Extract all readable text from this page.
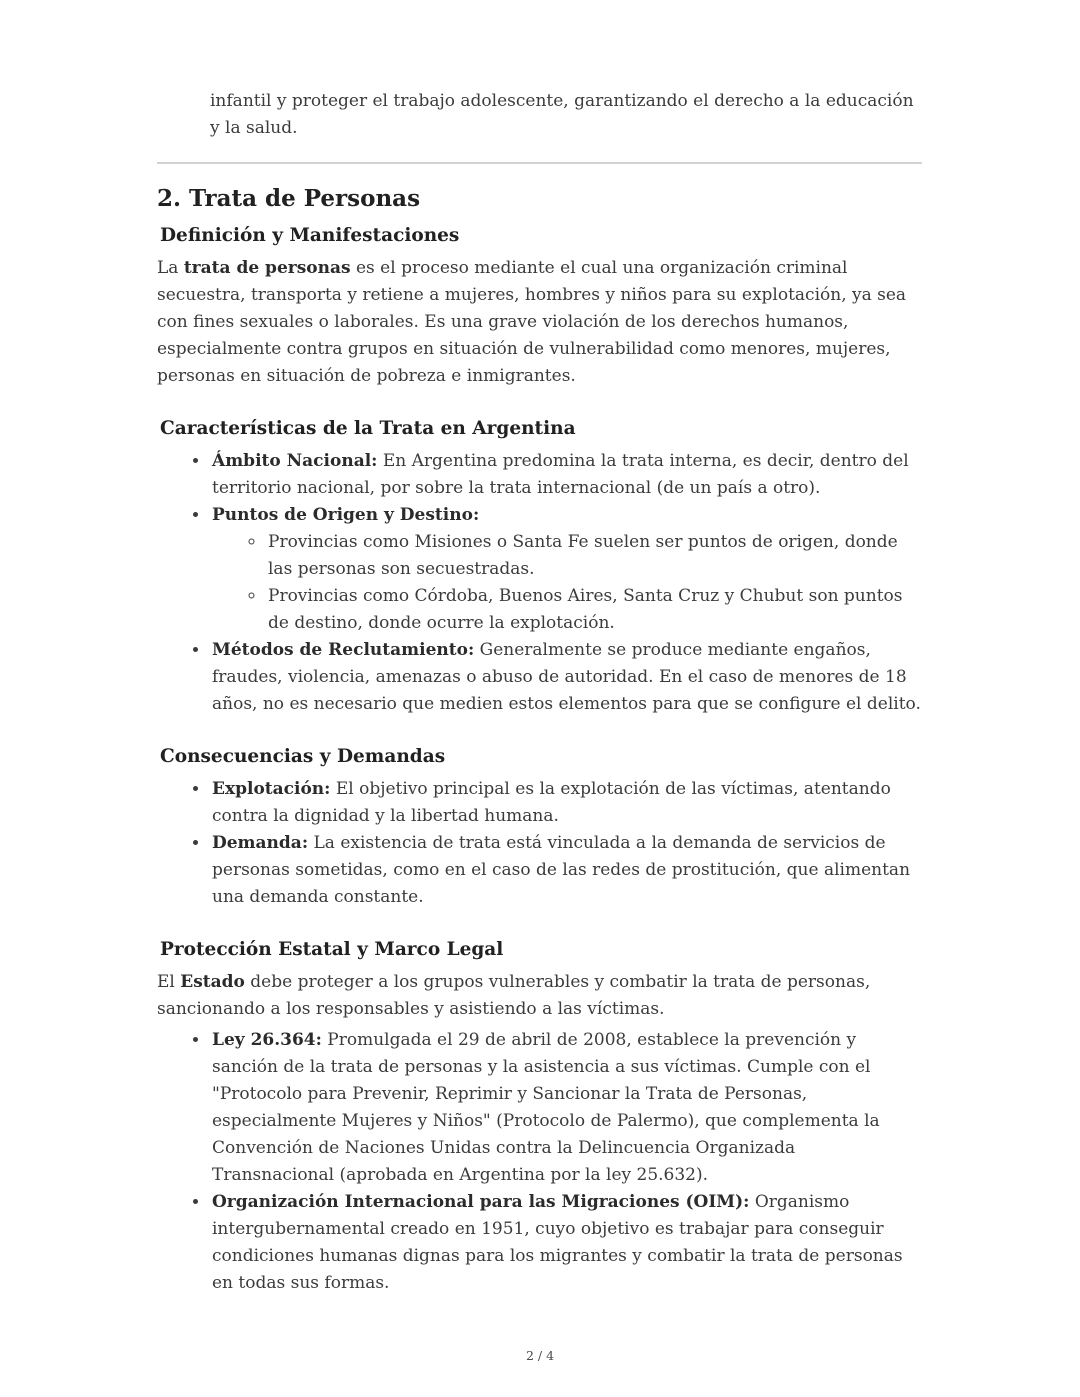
infantil y proteger el trabajo adolescente, garantizando el derecho a la educación y la salud.

2. Trata de Personas
Definición y Manifestaciones

La trata de personas es el proceso mediante el cual una organización criminal secuestra, transporta y retiene a mujeres, hombres y niños para su explotación, ya sea con fines sexuales o laborales. Es una grave violación de los derechos humanos, especialmente contra grupos en situación de vulnerabilidad como menores, mujeres, personas en situación de pobreza e inmigrantes.

Características de la Trata en Argentina
• Ámbito Nacional: En Argentina predomina la trata interna, es decir, dentro del territorio nacional, por sobre la trata internacional (de un país a otro).
• Puntos de Origen y Destino:
◦ Provincias como Misiones o Santa Fe suelen ser puntos de origen, donde las personas son secuestradas.
◦ Provincias como Córdoba, Buenos Aires, Santa Cruz y Chubut son puntos de destino, donde ocurre la explotación.
• Métodos de Reclutamiento: Generalmente se produce mediante engaños, fraudes, violencia, amenazas o abuso de autoridad. En el caso de menores de 18 años, no es necesario que medien estos elementos para que se configure el delito.
Consecuencias y Demandas
• Explotación: El objetivo principal es la explotación de las víctimas, atentando contra la dignidad y la libertad humana.
• Demanda: La existencia de trata está vinculada a la demanda de servicios de personas sometidas, como en el caso de las redes de prostitución, que alimentan una demanda constante.
Protección Estatal y Marco Legal

El Estado debe proteger a los grupos vulnerables y combatir la trata de personas, sancionando a los responsables y asistiendo a las víctimas.

• Ley 26.364: Promulgada el 29 de abril de 2008, establece la prevención y sanción de la trata de personas y la asistencia a sus víctimas. Cumple con el "Protocolo para Prevenir, Reprimir y Sancionar la Trata de Personas, especialmente Mujeres y Niños" (Protocolo de Palermo), que complementa la Convención de Naciones Unidas contra la Delincuencia Organizada Transnacional (aprobada en Argentina por la ley 25.632).
• Organización Internacional para las Migraciones (OIM): Organismo intergubernamental creado en 1951, cuyo objetivo es trabajar para conseguir condiciones humanas dignas para los migrantes y combatir la trata de personas en todas sus formas.
2 / 4
